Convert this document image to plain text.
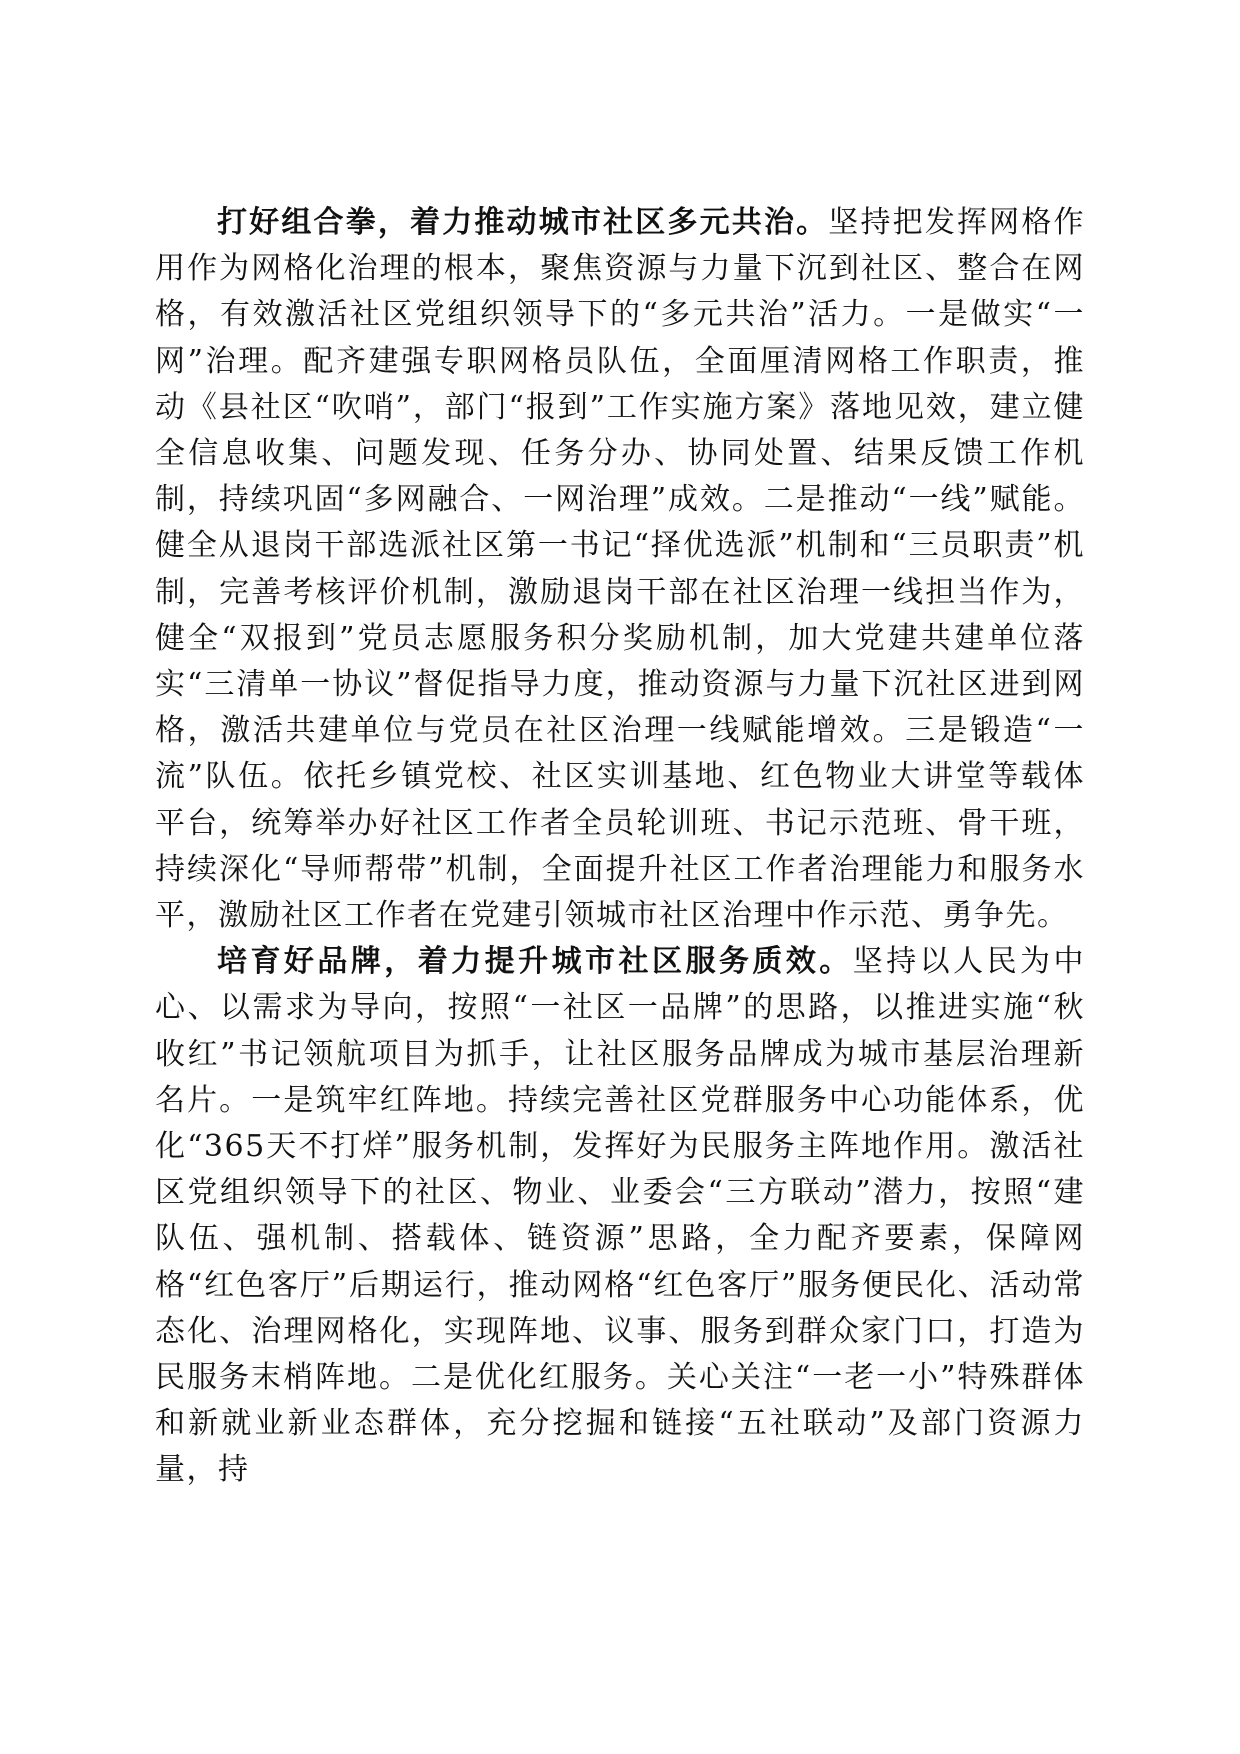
打好组合拳，着力推动城市社区多元共治。坚持把发挥网格作用作为网格化治理的根本，聚焦资源与力量下沉到社区、整合在网格，有效激活社区党组织领导下的“多元共治”活力。一是做实“一网”治理。配齐建强专职网格员队伍，全面厘清网格工作职责，推动《县社区“吹哨”，部门“报到”工作实施方案》落地见效，建立健全信息收集、问题发现、任务分办、协同处置、结果反馈工作机制，持续巩固“多网融合、一网治理”成效。二是推动“一线”赋能。健全从退岗干部选派社区第一书记“择优选派”机制和“三员职责”机制，完善考核评价机制，激励退岗干部在社区治理一线担当作为，健全“双报到”党员志愿服务积分奖励机制，加大党建共建单位落实“三清单一协议”督促指导力度，推动资源与力量下沉社区进到网格，激活共建单位与党员在社区治理一线赋能增效。三是锻造“一流”队伍。依托乡镇党校、社区实训基地、红色物业大讲堂等载体平台，统筹举办好社区工作者全员轮训班、书记示范班、骨干班，持续深化“导师帮带”机制，全面提升社区工作者治理能力和服务水平，激励社区工作者在党建引领城市社区治理中作示范、勇争先。

培育好品牌，着力提升城市社区服务质效。坚持以人民为中心、以需求为导向，按照“一社区一品牌”的思路，以推进实施“秋收红”书记领航项目为抓手，让社区服务品牌成为城市基层治理新名片。一是筑牢红阵地。持续完善社区党群服务中心功能体系，优化“365天不打烊”服务机制，发挥好为民服务主阵地作用。激活社区党组织领导下的社区、物业、业委会“三方联动”潜力，按照“建队伍、强机制、搭载体、链资源”思路，全力配齐要素，保障网格“红色客厅”后期运行，推动网格“红色客厅”服务便民化、活动常态化、治理网格化，实现阵地、议事、服务到群众家门口，打造为民服务末梢阵地。二是优化红服务。关心关注“一老一小”特殊群体和新就业新业态群体，充分挖掘和链接“五社联动”及部门资源力量，持
